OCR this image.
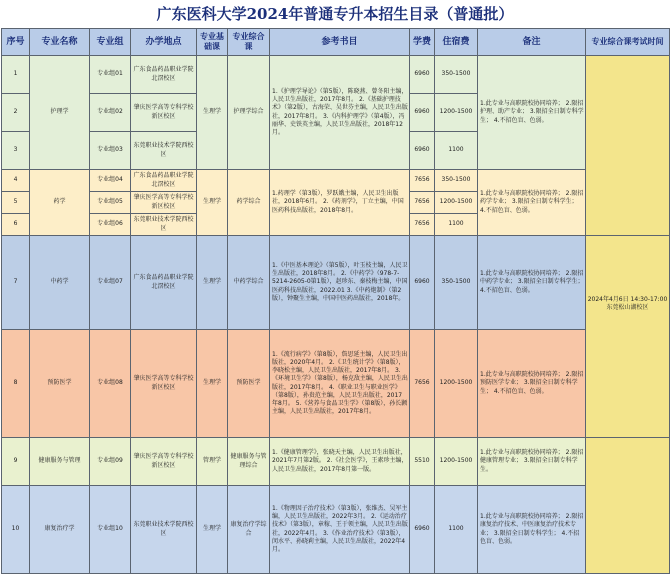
广东医科大学2024年普通专升本招生目录（普通批）
序号	专业名称	专业组	办学地点	专业基础课	专业综合课	参考书目	学费	住宿费	备注	专业综合课考试时间
1	护理学	专业组01	广东食品药品职业学院北滘校区	生理学	护理学综合	1.《护理学导论》（第5版），陈晓燕、曾冬阳主编，人民卫生出版社，2017年8月。 2.《基础护理技术》（第2版），古海荣、吴世芬主编，人民卫生出版社，2017年8月。 3.《内科护理学》（第4版），冯丽华、史铁英主编，人民卫生出版社，2018年12月。	6960	350-1500	1.此专业与高职院校协同培养； 2.限招护理、助产专业； 3.限招全日制专科学生； 4.不招色盲、色弱。	
2		专业组02	肇庆医学高等专科学校新区校区				6960	1200-1500		
3		专业组03	东莞职业技术学院西校区				6960	1100		
4	药学	专业组04	广东食品药品职业学院北滘校区	生理学	药学综合	1.药理学（第3版），罗跃娥主编，人民卫生出版社，2018年6月。 2.《药剂学》，丁立主编，中国医药科技出版社，2018年8月。	7656	350-1500	1.此专业与高职院校协同培养； 2.限招药学专业； 3.限招全日制专科学生； 4.不招色盲、色弱。	
5		专业组05	肇庆医学高等专科学校新区校区				7656	1200-1500		
6		专业组06	东莞职业技术学院西校区				7656	1100		
7	中药学	专业组07	广东食品药品职业学院北滘校区	生理学	中药学综合	1.《中医基本理论》（第5版），叶玉枝主编，人民卫生出版社，2018年8月。 2.《中药学》（978-7-5214-2605-0第1版），赵珍东、秦枝梅主编，中国医药科技出版社，2022.01 3.《中药炮制》（第2版），钟聚生主编，中国中医药出版社，2018年。	6960	350-1500	1.此专业与高职院校协同培养； 2.限招中药学专业； 3.限招全日制专科学生； 4.不招色盲、色弱。	2024年4月6日 14:30-17:00 东莞松山湖校区
8	预防医学	专业组08	肇庆医学高等专科学校新区校区	生理学	预防医学	1.《流行病学》（第8版），詹思延主编，人民卫生出版社，2020年4月。 2.《卫生统计学》（第8版），李晓松主编，人民卫生出版社，2017年8月。 3.《环境卫生学》（第8版），杨克敌主编，人民卫生出版社，2017年8月。 4.《职业卫生与职业医学》（第8版），孙贵范主编，人民卫生出版社，2017年8月。 5.《营养与食品卫生学》（第8版），孙长颢主编，人民卫生出版社，2017年8月。	7656	1200-1500	1.此专业与高职院校协同培养； 2.限招预防医学专业； 3.限招全日制专科学生； 4.不招色盲、色弱。	
9	健康服务与管理	专业组09	肇庆医学高等专科学校新区校区	管理学	健康服务与管理综合	1.《健康管理学》，张晓天主编，人民卫生出版社，2021年7月第2版。 2.《社会医学》，王素珍主编，人民卫生出版社，2017年8月第一版。	5510	1200-1500	1.此专业与高职院校协同培养； 2.限招健康管理专业； 3.限招全日制专科学生。	
10	康复治疗学	专业组10	东莞职业技术学院西校区	生理学	康复治疗学综合	1.《物理因子治疗技术》（第3版），张维杰、吴军主编，人民卫生出版社，2022年3月。 2.《运动治疗技术》（第3版），章稼、王于领主编，人民卫生出版社，2022年4月。 3.《作业治疗技术》（第3版），闵水平、孙晓莉主编，人民卫生出版社，2022年4月。	6960	1100	1.此专业与高职院校协同培养； 2.限招康复治疗技术、中医康复治疗技术专业； 3.限招全日制专科学生； 4.不招色盲、色弱。	
